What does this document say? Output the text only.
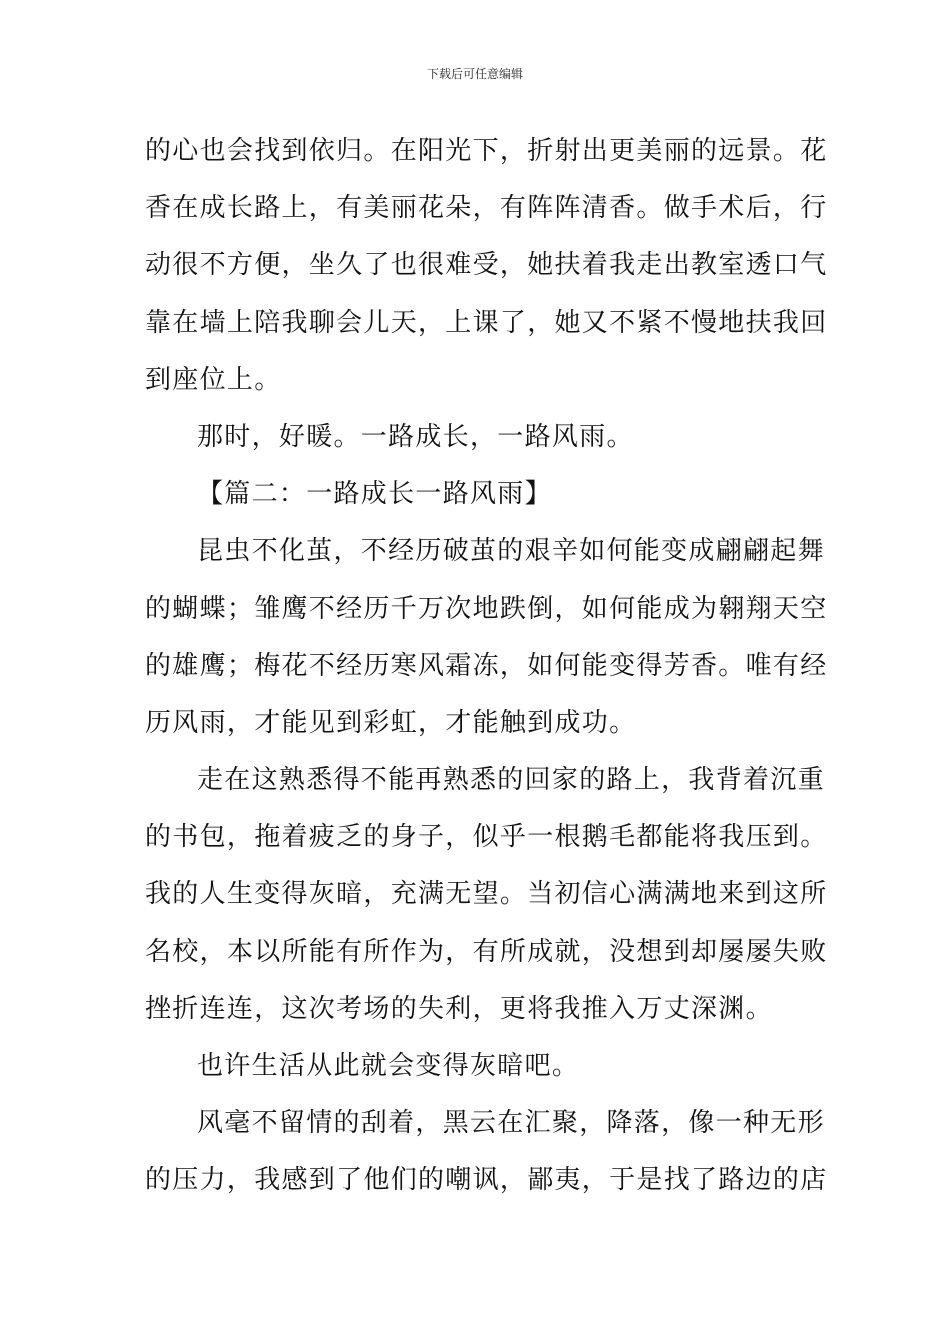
下载后可任意编辑
的心也会找到依归。在阳光下，折射出更美丽的远景。花
香在成长路上，有美丽花朵，有阵阵清香。做手术后，行
动很不方便，坐久了也很难受，她扶着我走出教室透口气
靠在墙上陪我聊会儿天，上课了，她又不紧不慢地扶我回
到座位上。
那时，好暖。一路成长，一路风雨。
【篇二：一路成长一路风雨】
昆虫不化茧，不经历破茧的艰辛如何能变成翩翩起舞
的蝴蝶；雏鹰不经历千万次地跌倒，如何能成为翱翔天空
的雄鹰；梅花不经历寒风霜冻，如何能变得芳香。唯有经
历风雨，才能见到彩虹，才能触到成功。
走在这熟悉得不能再熟悉的回家的路上，我背着沉重
的书包，拖着疲乏的身子，似乎一根鹅毛都能将我压到。
我的人生变得灰暗，充满无望。当初信心满满地来到这所
名校，本以所能有所作为，有所成就，没想到却屡屡失败
挫折连连，这次考场的失利，更将我推入万丈深渊。
也许生活从此就会变得灰暗吧。
风毫不留情的刮着，黑云在汇聚，降落，像一种无形
的压力，我感到了他们的嘲讽，鄙夷，于是找了路边的店
